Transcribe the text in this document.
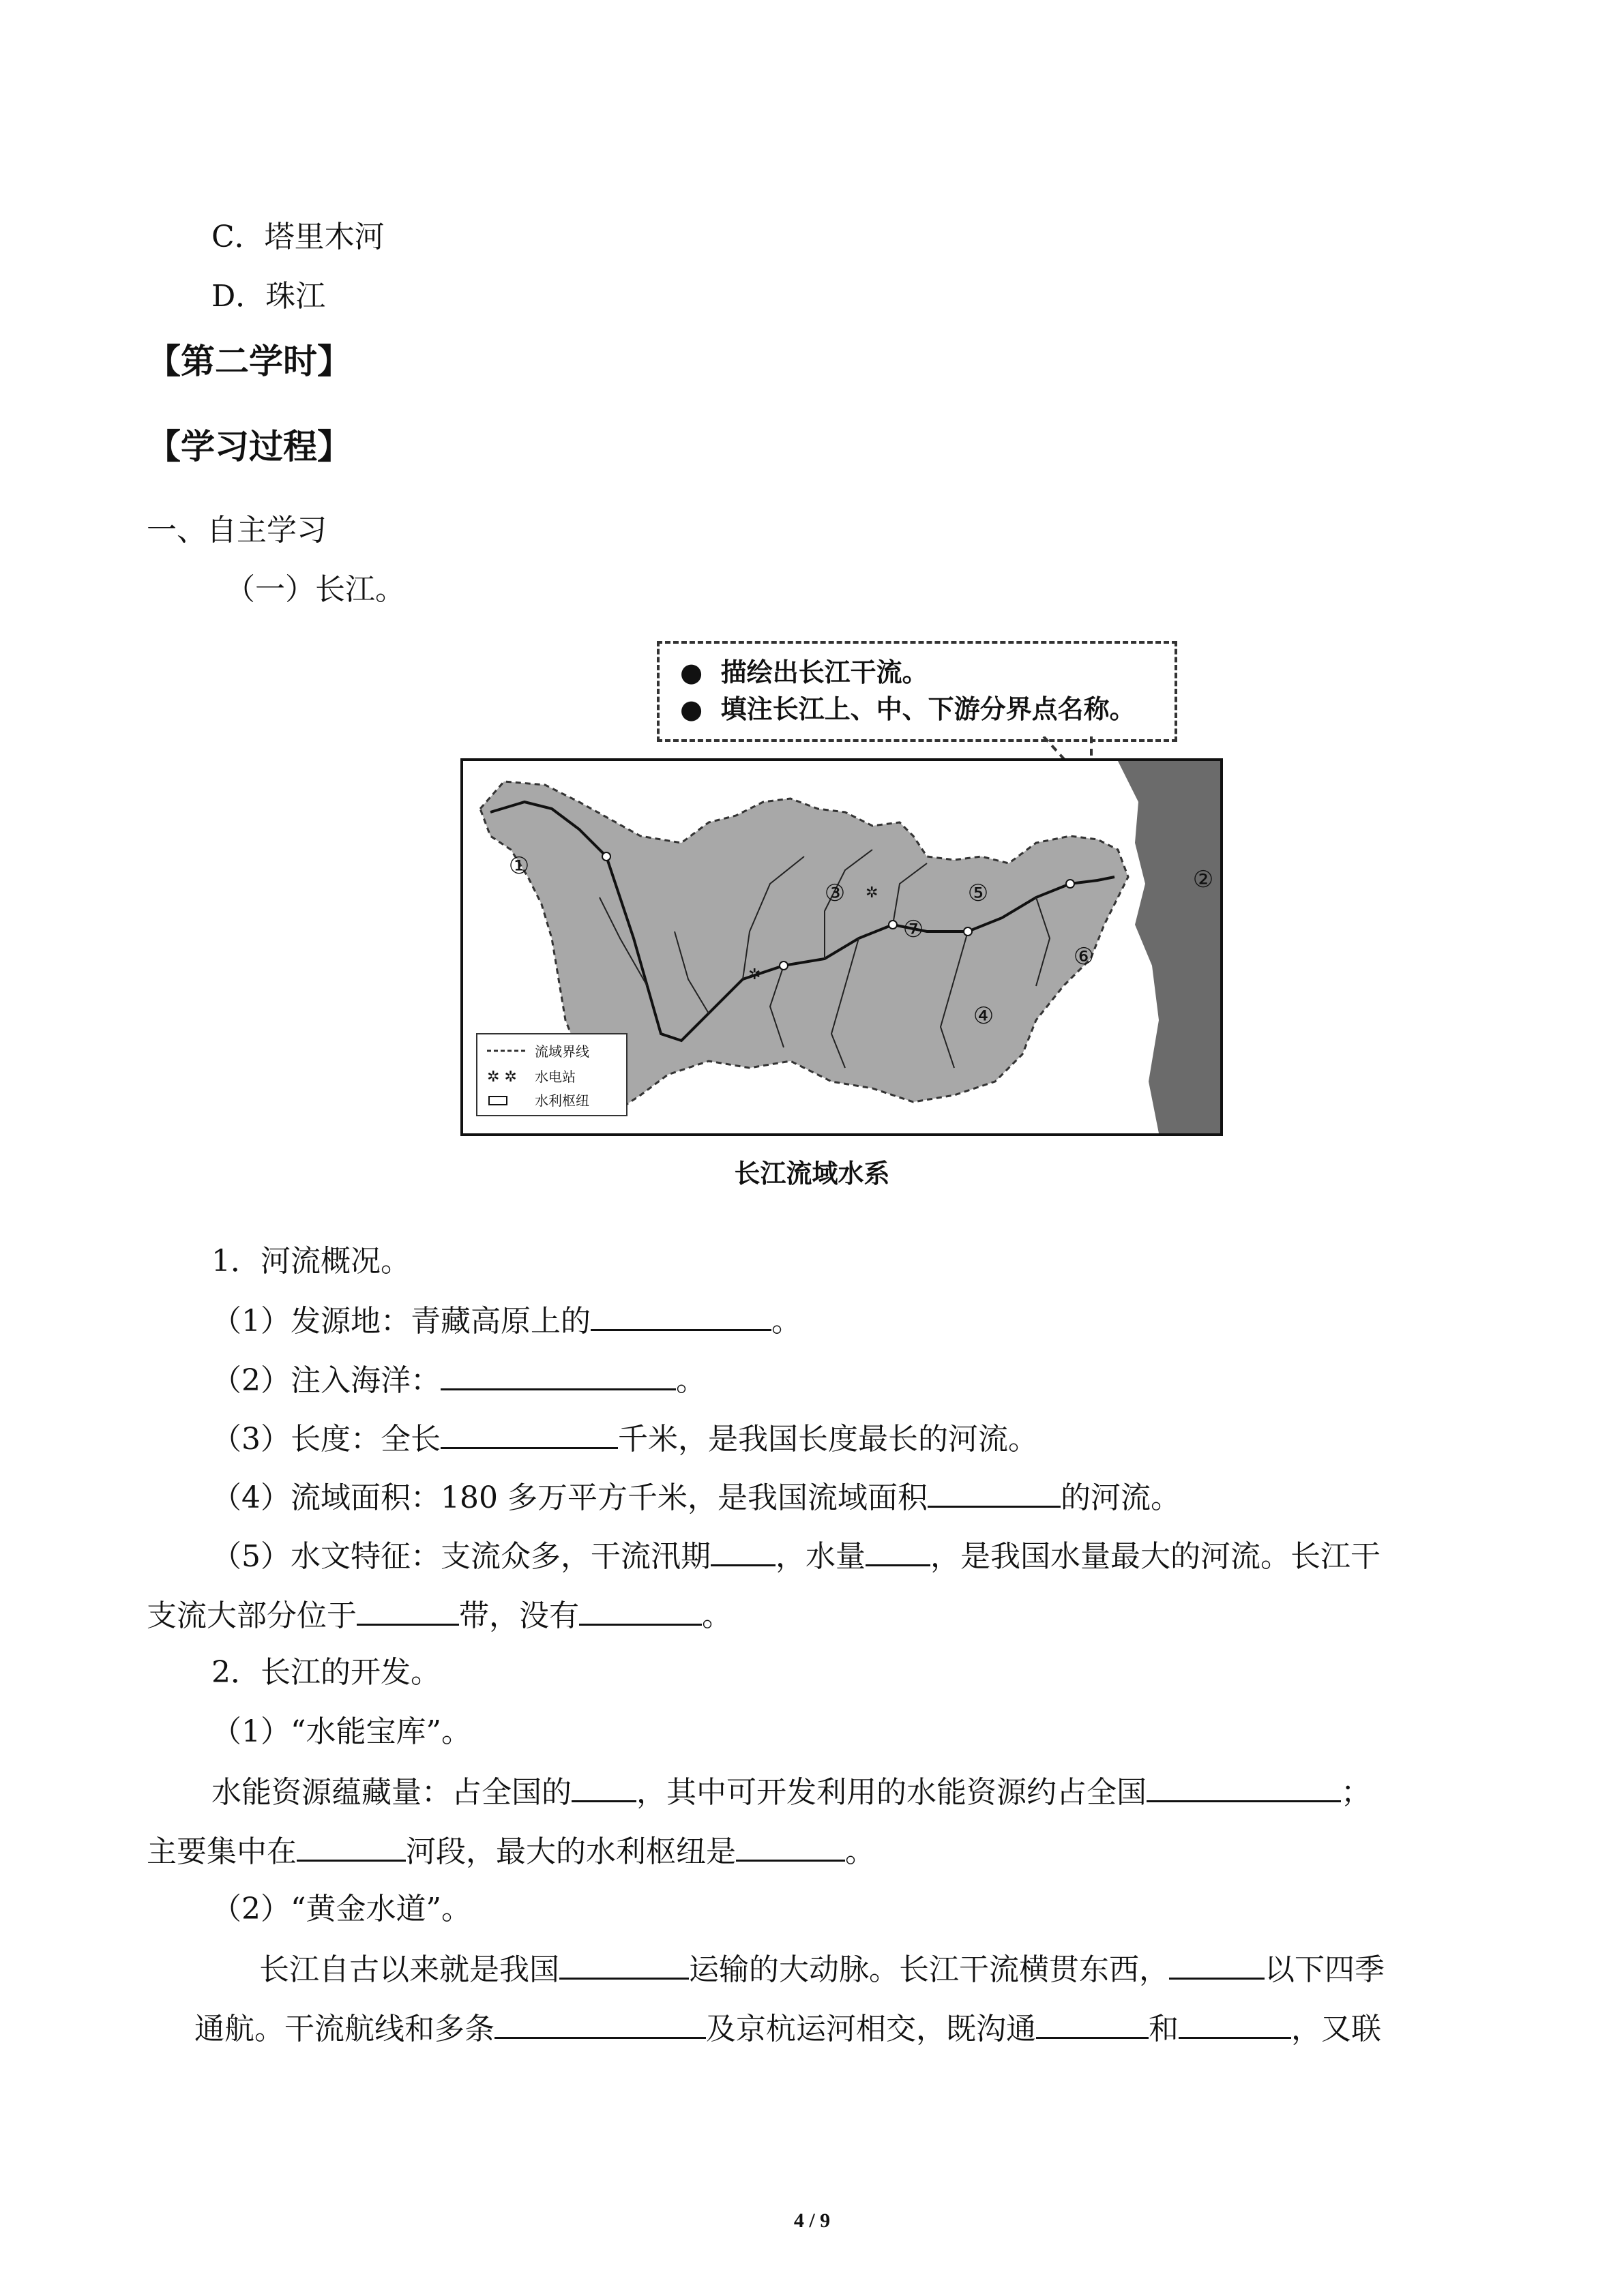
C．塔里木河
D．珠江
【第二学时】
【学习过程】
一、自主学习
（一）长江。
●  描绘出长江干流。
●  填注长江上、中、下游分界点名称。
✲
✲
①	②
③
④
⑤
⑥
⑦
流域界线
✲ ✲ 水电站
水利枢纽
长江流域水系
1．河流概况。
（1）发源地：青藏高原上的	。
（2）注入海洋：	。
（3）长度：全长	千米，是我国长度最长的河流。
（4）流域面积：180 多万平方千米，是我国流域面积	的河流。
（5）水文特征：支流众多，干流汛期 ，水量 ，是我国水量最大的河流。长江干
支流大部分位于	带，没有	。
2．长江的开发。
（1）“水能宝库”。
水能资源蕴藏量：占全国的 ，其中可开发利用的水能资源约占全国	；
主要集中在	河段，最大的水利枢纽是	。
（2）“黄金水道”。
长江自古以来就是我国	运输的大动脉。长江干流横贯东西，	以下四季
通航。干流航线和多条	及京杭运河相交，既沟通	和	，又联
4 / 9
